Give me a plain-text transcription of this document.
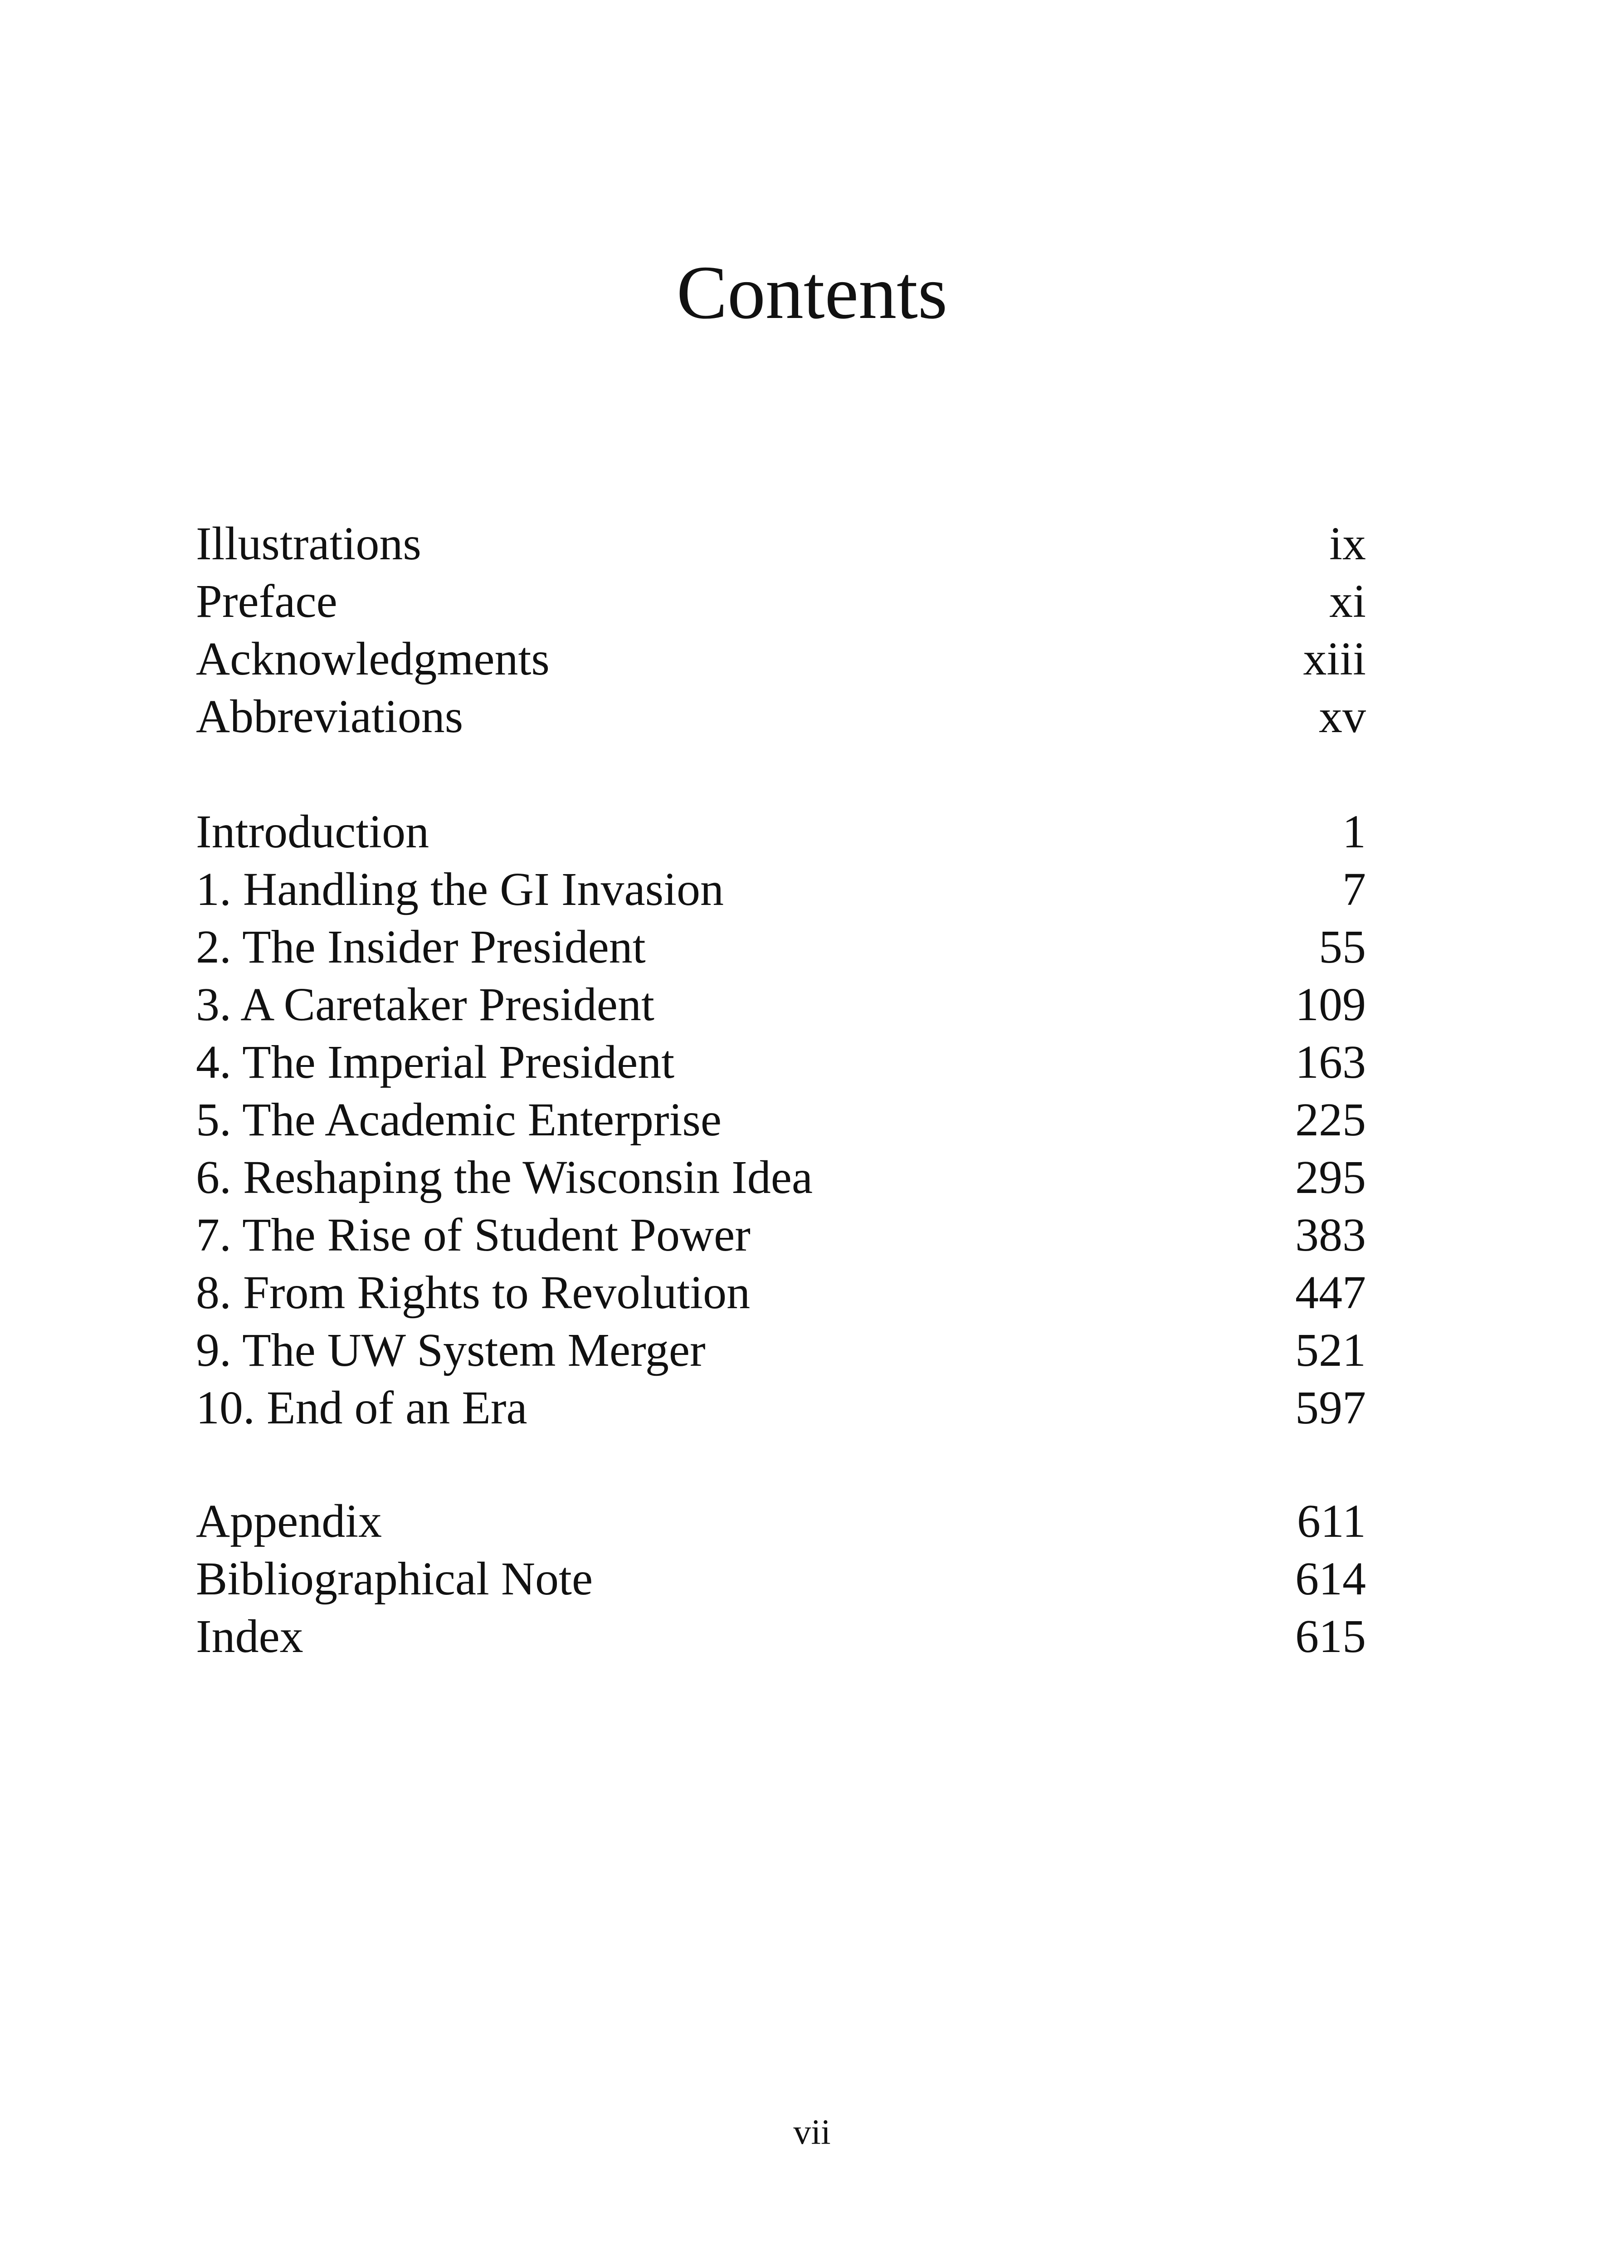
Contents
Illustrations	ix
Preface	xi
Acknowledgments	xiii
Abbreviations	xv
Introduction	1
1. Handling the GI Invasion	7
2. The Insider President	55
3. A Caretaker President	109
4. The Imperial President	163
5. The Academic Enterprise	225
6. Reshaping the Wisconsin Idea	295
7. The Rise of Student Power	383
8. From Rights to Revolution	447
9. The UW System Merger	521
10. End of an Era	597
Appendix	611
Bibliographical Note	614
Index	615
vii
